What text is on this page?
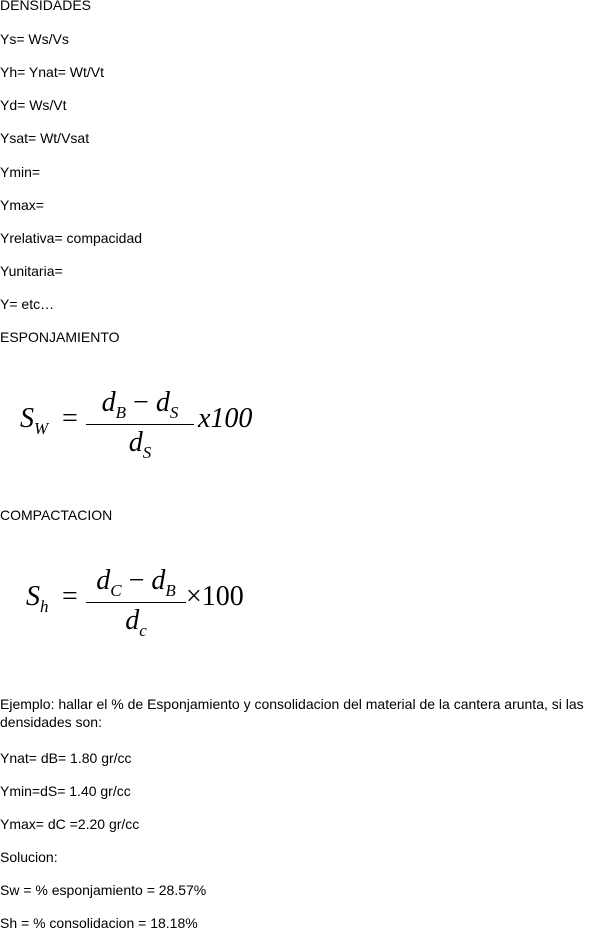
DENSIDADES
Ys= Ws/Vs
Yh= Ynat= Wt/Vt
Yd= Ws/Vt
Ysat= Wt/Vsat
Ymin=
Ymax=
Yrelativa= compacidad
Yunitaria=
Y= etc…
ESPONJAMIENTO
$S_W$ =
$d_B - d_S$
$d_S$
x100
COMPACTACION
$S_h$ =
$d_C - d_B$
$d_c$
×100
Ejemplo: hallar el % de Esponjamiento y consolidacion del material de la cantera arunta, si las densidades son:
Ynat= dB= 1.80 gr/cc
Ymin=dS= 1.40 gr/cc
Ymax= dC =2.20 gr/cc
Solucion:
Sw = % esponjamiento = 28.57%
Sh = % consolidacion = 18.18%
